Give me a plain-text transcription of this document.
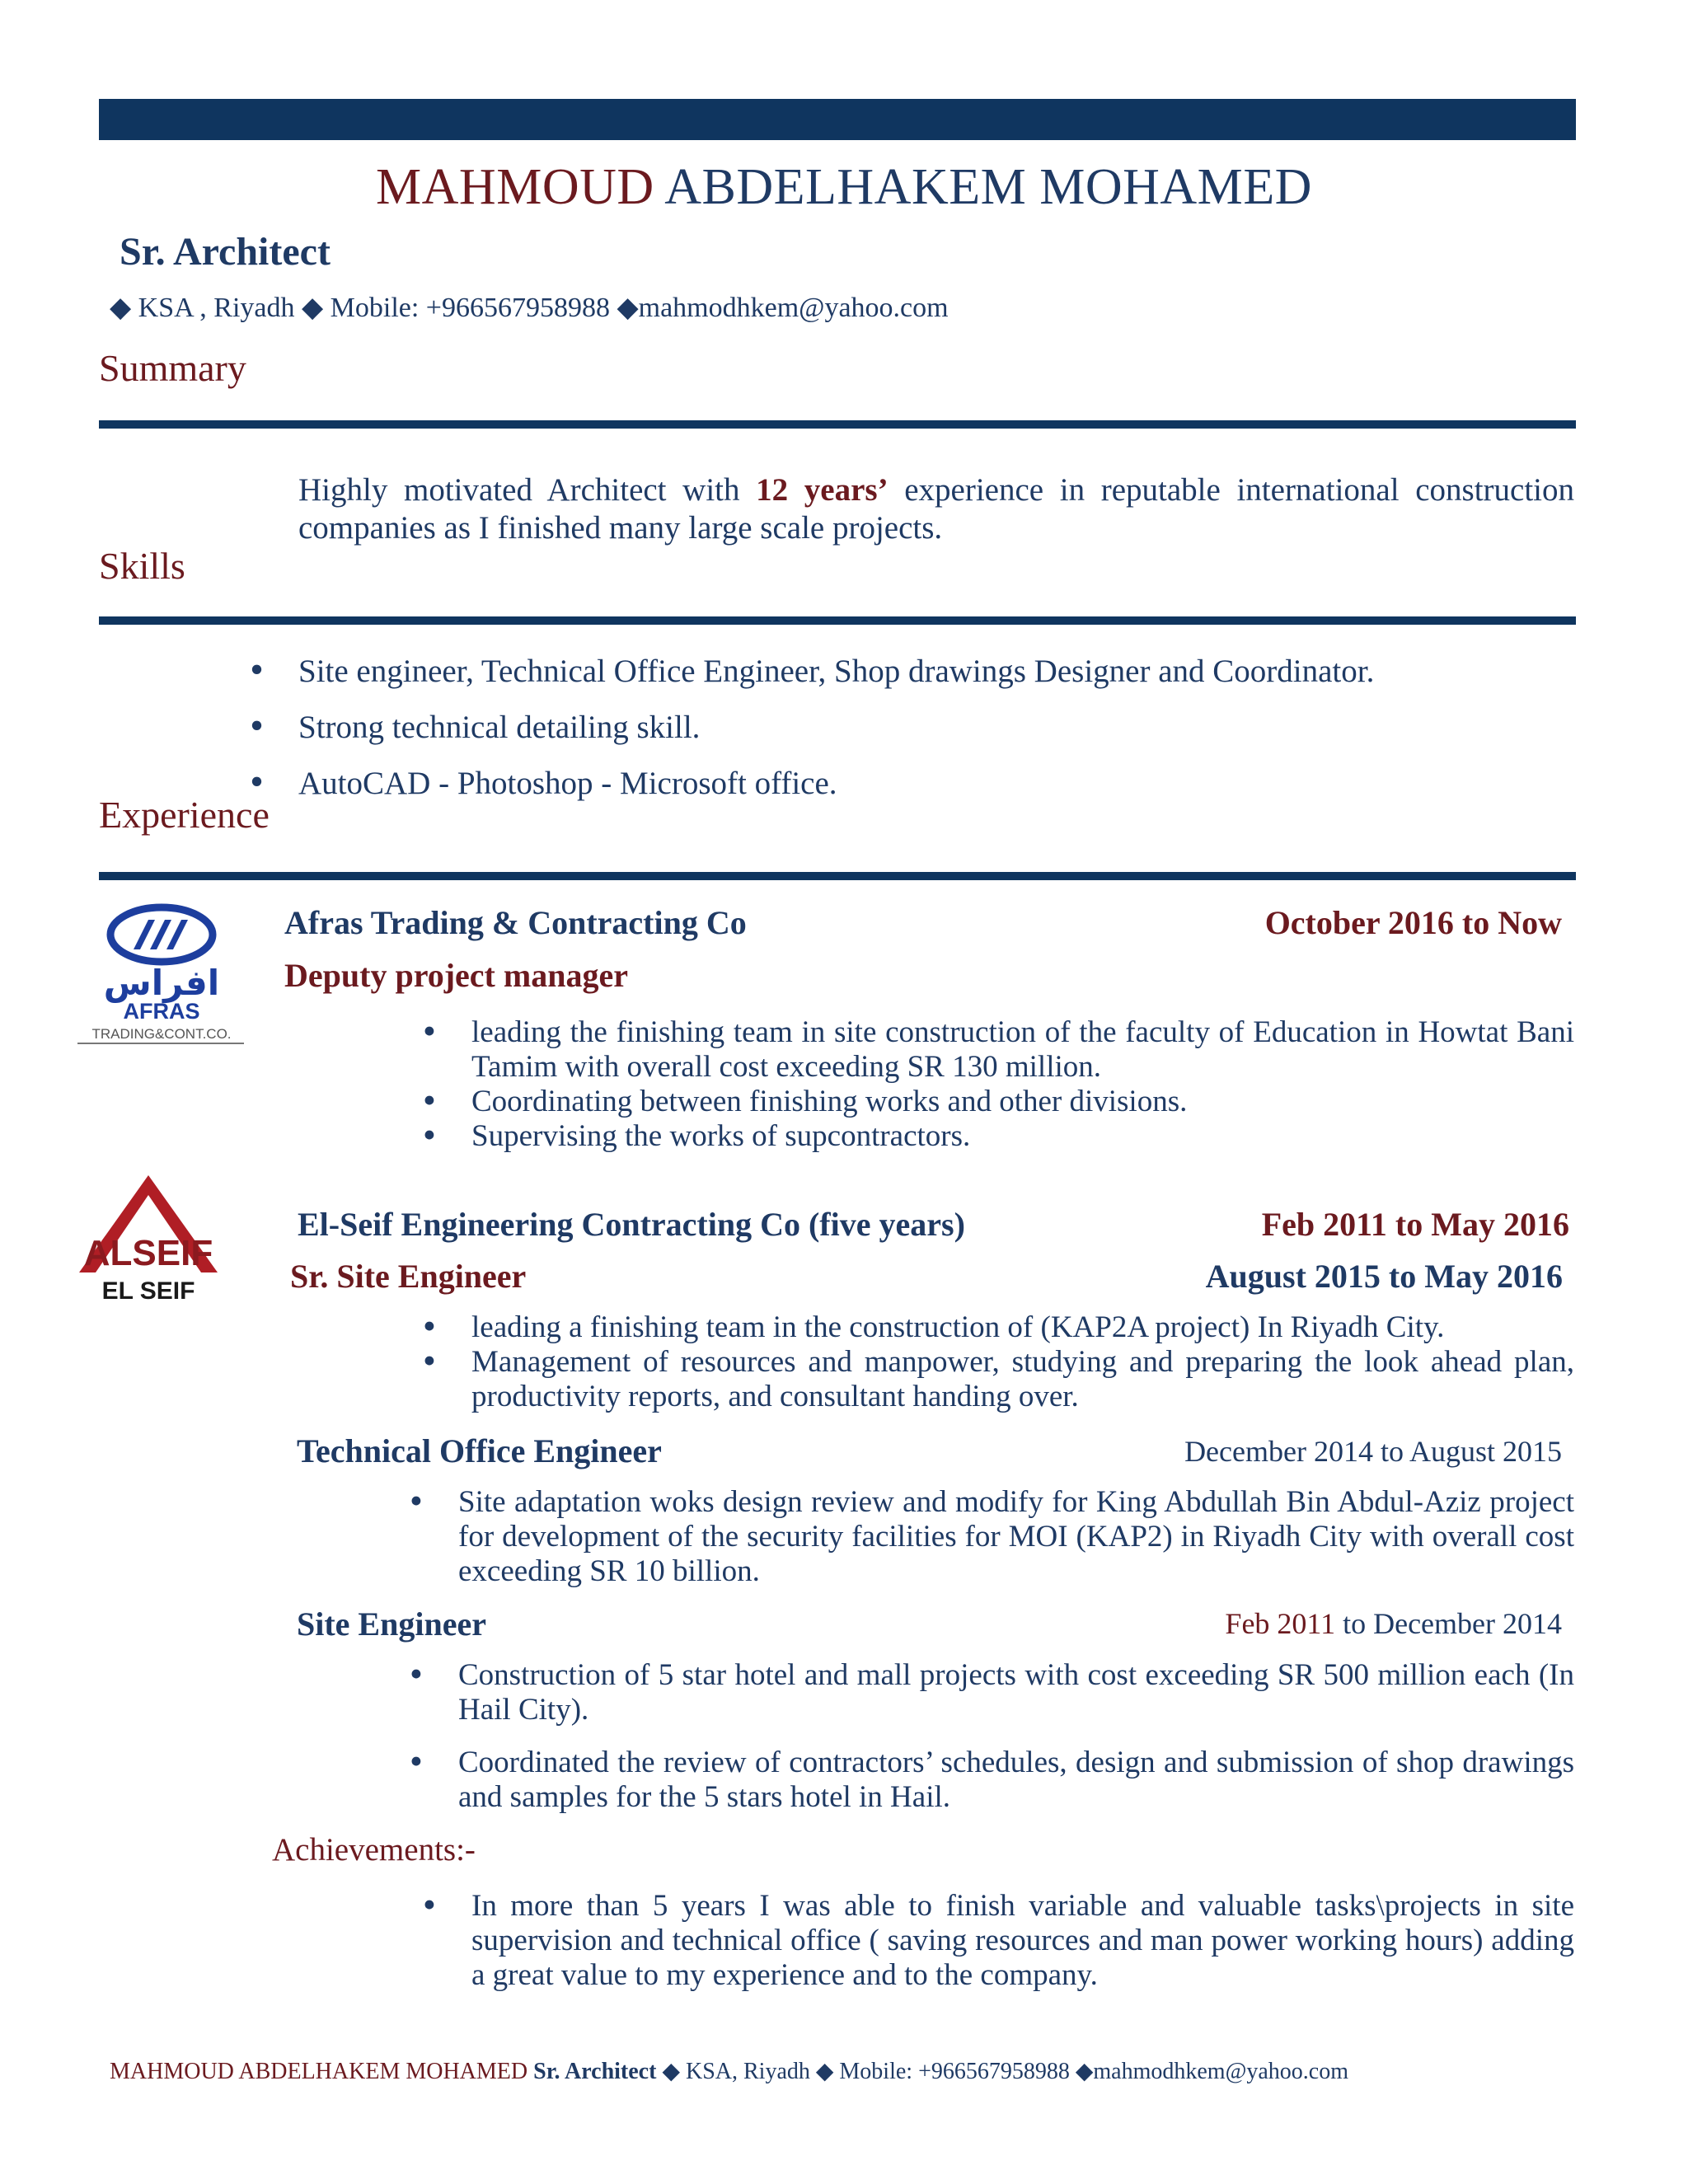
MAHMOUD ABDELHAKEM MOHAMED
Sr. Architect
◆ KSA , Riyadh ◆ Mobile: +966567958988 ◆mahmodhkem@yahoo.com
Summary
Highly motivated Architect with 12 years’ experience in reputable international construction companies as I finished many large scale projects.
Skills
• Site engineer, Technical Office Engineer, Shop drawings Designer and Coordinator.
• Strong technical detailing skill.
• AutoCAD - Photoshop - Microsoft office.
Experience
افراس
AFRAS
TRADING&CONT.CO.
Afras Trading & Contracting Co	October 2016 to Now
Deputy project manager
• leading the finishing team in site construction of the faculty of Education in Howtat Bani Tamim with overall cost exceeding SR 130 million.
• Coordinating between finishing works and other divisions.
• Supervising the works of supcontractors.
ALSEIF
EL SEIF
El-Seif Engineering Contracting Co (five years)	Feb 2011 to May 2016
Sr. Site Engineer	August 2015 to May 2016
• leading a finishing team in the construction of (KAP2A project) In Riyadh City.
• Management of resources and manpower, studying and preparing the look ahead plan, productivity reports, and consultant handing over.
Technical Office Engineer	December 2014 to August 2015
• Site adaptation woks design review and modify for King Abdullah Bin Abdul-Aziz project for development of the security facilities for MOI (KAP2) in Riyadh City with overall cost exceeding SR 10 billion.
Site Engineer	Feb 2011 to December 2014
• Construction of 5 star hotel and mall projects with cost exceeding SR 500 million each (In Hail City).
• Coordinated the review of contractors’ schedules, design and submission of shop drawings and samples for the 5 stars hotel in Hail.
Achievements:-
• In more than 5 years I was able to finish variable and valuable tasks\projects in site supervision and technical office ( saving resources and man power working hours) adding a great value to my experience and to the company.
MAHMOUD ABDELHAKEM MOHAMED Sr. Architect ◆ KSA, Riyadh ◆ Mobile: +966567958988 ◆mahmodhkem@yahoo.com
